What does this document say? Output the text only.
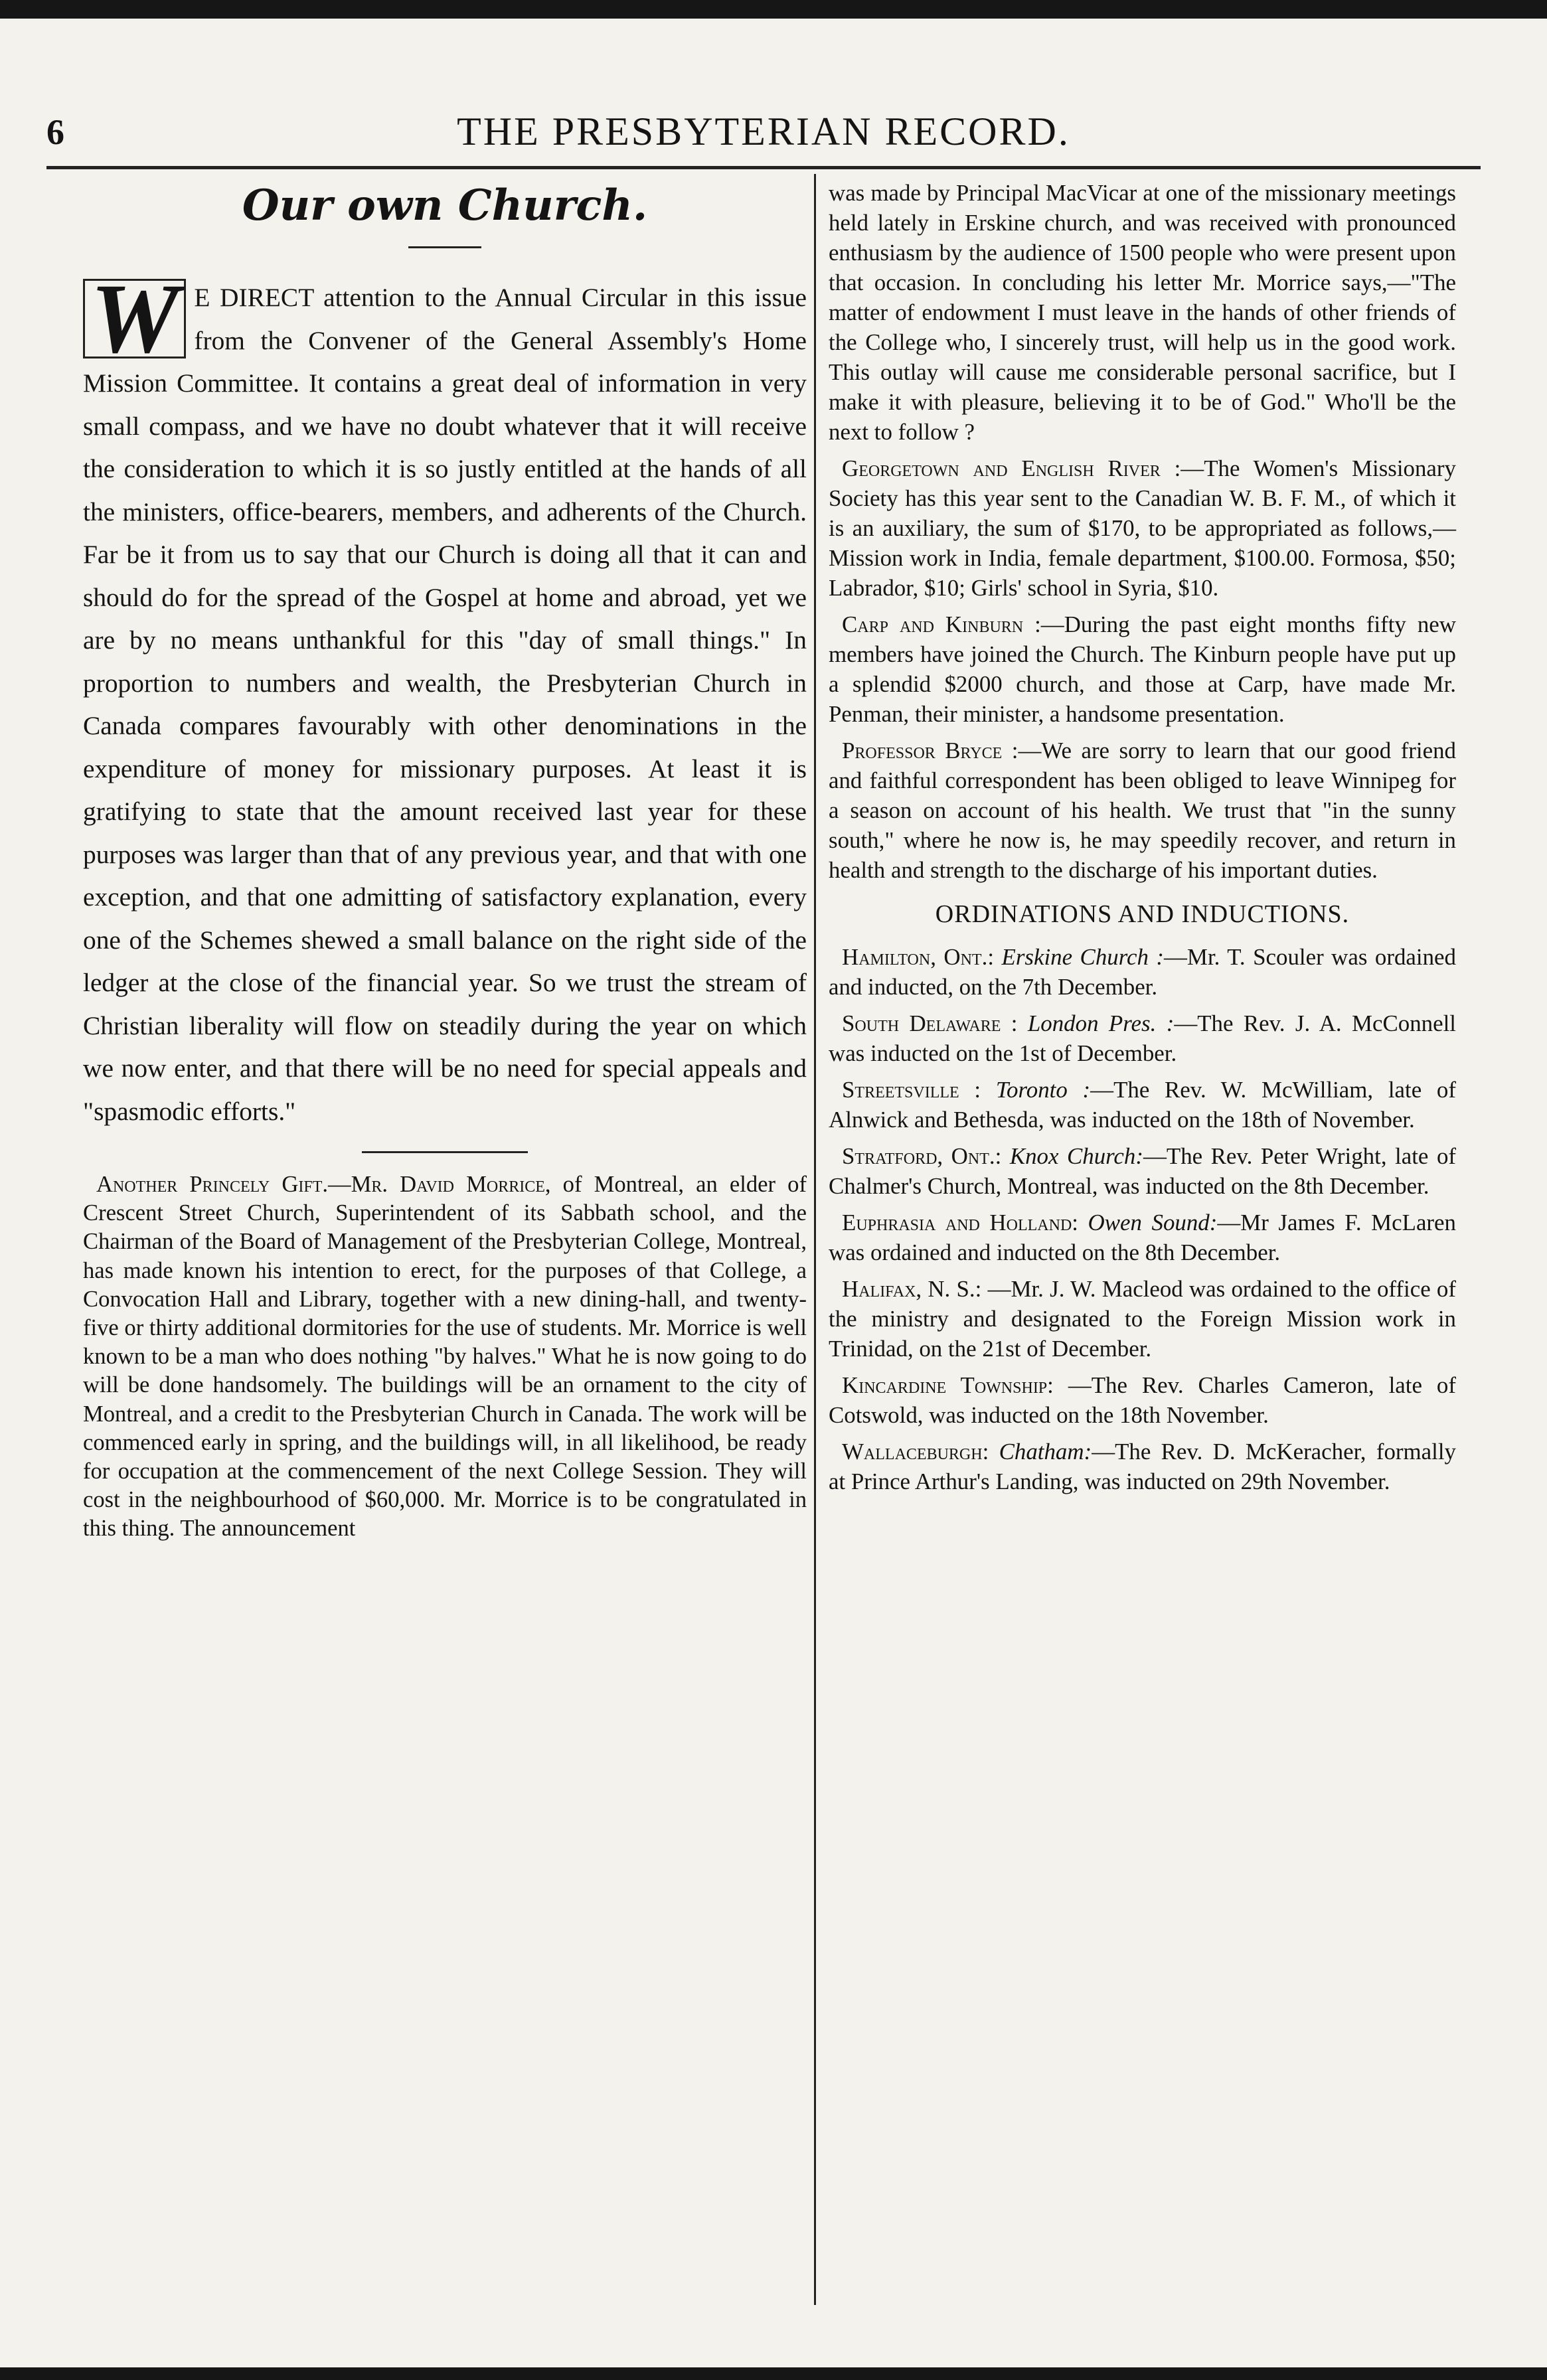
6	THE PRESBYTERIAN RECORD.
Our own Church.

W E DIRECT attention to the Annual Circular in this issue from the Convener of the General Assembly's Home Mission Committee. It contains a great deal of information in very small compass, and we have no doubt whatever that it will receive the consideration to which it is so justly entitled at the hands of all the ministers, office-bearers, members, and adherents of the Church. Far be it from us to say that our Church is doing all that it can and should do for the spread of the Gospel at home and abroad, yet we are by no means unthankful for this "day of small things." In proportion to numbers and wealth, the Presbyterian Church in Canada compares favourably with other denominations in the expenditure of money for missionary purposes. At least it is gratifying to state that the amount received last year for these purposes was larger than that of any previous year, and that with one exception, and that one admitting of satisfactory explanation, every one of the Schemes shewed a small balance on the right side of the ledger at the close of the financial year. So we trust the stream of Christian liberality will flow on steadily during the year on which we now enter, and that there will be no need for special appeals and "spasmodic efforts."

Another Princely Gift.—Mr. David Morrice, of Montreal, an elder of Crescent Street Church, Superintendent of its Sabbath school, and the Chairman of the Board of Management of the Presbyterian College, Montreal, has made known his intention to erect, for the purposes of that College, a Convocation Hall and Library, together with a new dining-hall, and twenty-five or thirty additional dormitories for the use of students. Mr. Morrice is well known to be a man who does nothing "by halves." What he is now going to do will be done handsomely. The buildings will be an ornament to the city of Montreal, and a credit to the Presbyterian Church in Canada. The work will be commenced early in spring, and the buildings will, in all likelihood, be ready for occupation at the commencement of the next College Session. They will cost in the neighbourhood of $60,000. Mr. Morrice is to be congratulated in this thing. The announcement

was made by Principal MacVicar at one of the missionary meetings held lately in Erskine church, and was received with pronounced enthusiasm by the audience of 1500 people who were present upon that occasion. In concluding his letter Mr. Morrice says,—"The matter of endowment I must leave in the hands of other friends of the College who, I sincerely trust, will help us in the good work. This outlay will cause me considerable personal sacrifice, but I make it with pleasure, believing it to be of God." Who'll be the next to follow ?

Georgetown and English River :—The Women's Missionary Society has this year sent to the Canadian W. B. F. M., of which it is an auxiliary, the sum of $170, to be appropriated as follows,—Mission work in India, female department, $100.00. Formosa, $50; Labrador, $10; Girls' school in Syria, $10.

Carp and Kinburn :—During the past eight months fifty new members have joined the Church. The Kinburn people have put up a splendid $2000 church, and those at Carp, have made Mr. Penman, their minister, a handsome presentation.

Professor Bryce :—We are sorry to learn that our good friend and faithful correspondent has been obliged to leave Winnipeg for a season on account of his health. We trust that "in the sunny south," where he now is, he may speedily recover, and return in health and strength to the discharge of his important duties.

ORDINATIONS AND INDUCTIONS.

Hamilton, Ont.: Erskine Church :—Mr. T. Scouler was ordained and inducted, on the 7th December.

South Delaware : London Pres. :—The Rev. J. A. McConnell was inducted on the 1st of December.

Streetsville : Toronto :—The Rev. W. McWilliam, late of Alnwick and Bethesda, was inducted on the 18th of November.

Stratford, Ont.: Knox Church:—The Rev. Peter Wright, late of Chalmer's Church, Montreal, was inducted on the 8th December.

Euphrasia and Holland: Owen Sound:—Mr James F. McLaren was ordained and inducted on the 8th December.

Halifax, N. S.: —Mr. J. W. Macleod was ordained to the office of the ministry and designated to the Foreign Mission work in Trinidad, on the 21st of December.

Kincardine Township: —The Rev. Charles Cameron, late of Cotswold, was inducted on the 18th November.

Wallaceburgh: Chatham:—The Rev. D. McKeracher, formally at Prince Arthur's Landing, was inducted on 29th November.
